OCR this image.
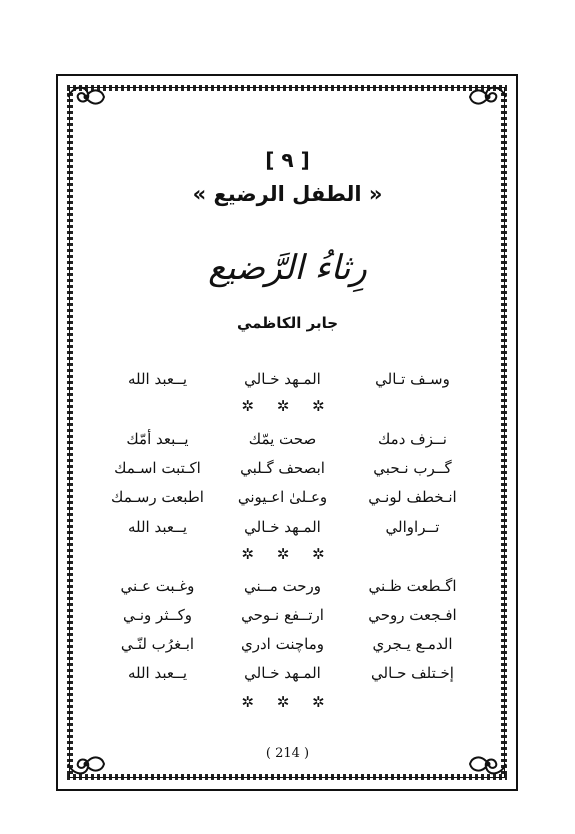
[ ٩ ]
« الطفل الرضيع »
رِثاءُ الرَّضيع
جابر الكاظمي
وسـف تـالي
المـهد خـالي
يــعبد الله
✲ ✲ ✲
نــزف دمك
صحت يمّك
يــبعد أمّك
گــرب نـحبي
ابصحف گـلبي
اكـتبت اسـمك
انـخطف لونـي
وعـلىٰ اعـيوني
اطبعت رسـمك
تــراوالي
المـهد خـالي
يــعبد الله
✲ ✲ ✲
اگـطعت ظـني
ورحت مــني
وغـبت عـني
افـجعت روحي
ارتــفع نـوحي
وكــثر ونـي
الدمـع يـجري
وماچنت ادري
ابـغرُب لنّـي
إخـتلف حـالي
المـهد خـالي
يــعبد الله
✲ ✲ ✲
( 214 )
